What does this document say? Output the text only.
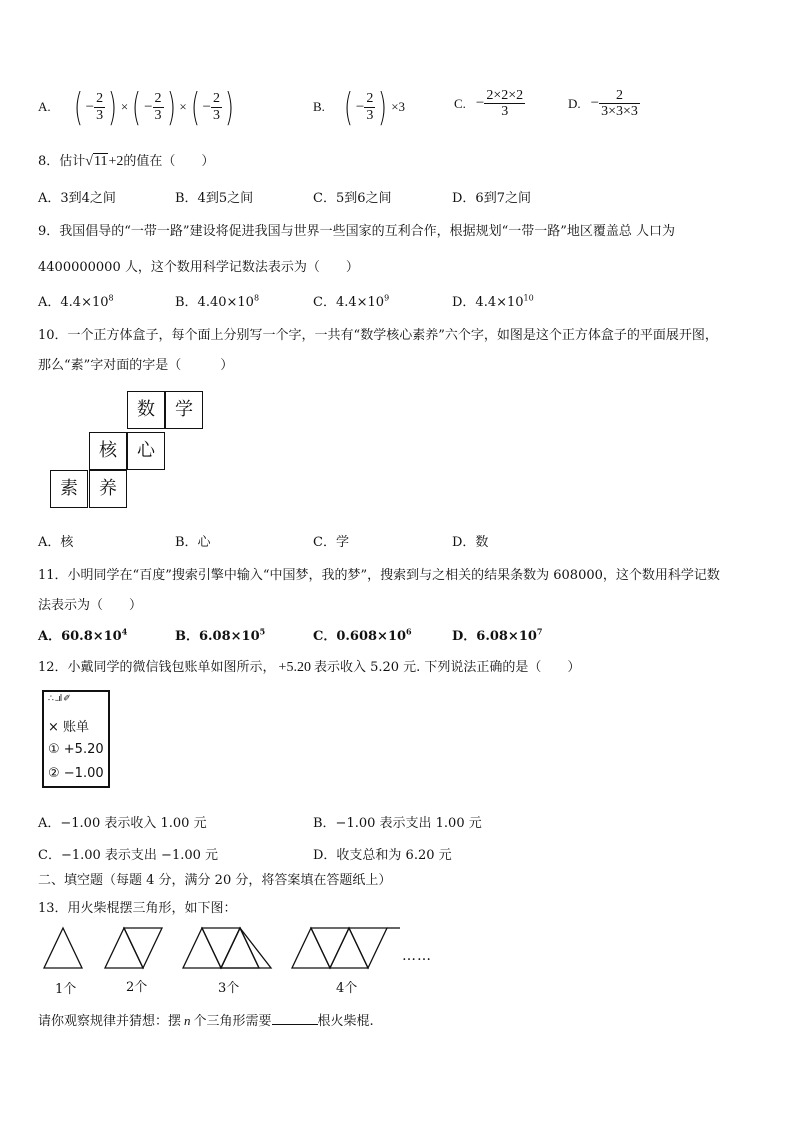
A. ( − $\frac{2}{3}$ ) × ( − $\frac{2}{3}$ ) × ( − $\frac{2}{3}$ )	B. ( − $\frac{2}{3}$ ) ×3	C. − $\frac{2\times 2\times 2}{3}$	D. − $\frac{2}{3\times 3\times 3}$
8．估计√11+2的值在（　　）
A．3到4之间	B．4到5之间	C．5到6之间	D．6到7之间
9．我国倡导的“一带一路”建设将促进我国与世界一些国家的互利合作，根据规划“一带一路”地区覆盖总 人口为
4400000000 人，这个数用科学记数法表示为（　　）
A．$4.4\times 10^8$	B．$4.40\times 10^8$	C．$4.4\times 10^9$	D．$4.4\times 10^{10}$
10．一个正方体盒子，每个面上分别写一个字，一共有“数学核心素养”六个字，如图是这个正方体盒子的平面展开图，
那么“素”字对面的字是（　　　）
数	学
核	心
素	养
A．核	B．心	C．学	D．数
11．小明同学在“百度”搜索引擎中输入“中国梦，我的梦”，搜索到与之相关的结果条数为 608000，这个数用科学记数
法表示为（　　）
A．$60.8\times 10^4$	B．$6.08\times 10^5$	C．$0.608\times 10^6$	D．$6.08\times 10^7$
12．小戴同学的微信钱包账单如图所示， +5.20 表示收入 5.20 元. 下列说法正确的是（　　）
∴ ..ıl ✐
× 账单
① +5.20
② −1.00
A．−1.00 表示收入 1.00 元	B．−1.00 表示支出 1.00 元
C．−1.00 表示支出 −1.00 元	D．收支总和为 6.20 元
二、填空题（每题 4 分，满分 20 分，将答案填在答题纸上）
13．用火柴棍摆三角形，如下图：
……
1个	2个	3个	4个
请你观察规律并猜想：摆 n 个三角形需要	根火柴棍.
